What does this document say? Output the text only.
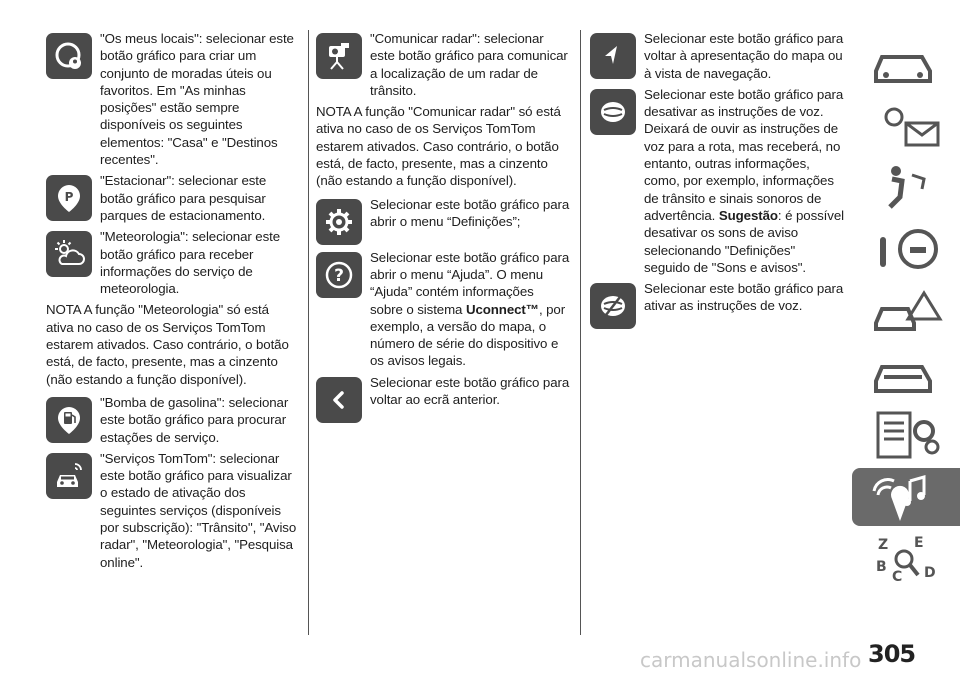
"Os meus locais": selecionar este botão gráfico para criar um conjunto de moradas úteis ou favoritos. Em "As minhas posições" estão sempre disponíveis os seguintes elementos: "Casa" e "Destinos recentes".
P
"Estacionar": selecionar este botão gráfico para pesquisar parques de estacionamento.
"Meteorologia": selecionar este botão gráfico para receber informações do serviço de meteorologia.
NOTA A função "Meteorologia" só está ativa no caso de os Serviços TomTom estarem ativados. Caso contrário, o botão está, de facto, presente, mas a cinzento (não estando a função disponível).
"Bomba de gasolina": selecionar este botão gráfico para procurar estações de serviço.
"Serviços TomTom": selecionar este botão gráfico para visualizar o estado de ativação dos seguintes serviços (disponíveis por subscrição): "Trânsito", "Aviso radar", "Meteorologia", "Pesquisa online".
"Comunicar radar": selecionar este botão gráfico para comunicar a localização de um radar de trânsito.
NOTA A função "Comunicar radar" só está ativa no caso de os Serviços TomTom estarem ativados. Caso contrário, o botão está, de facto, presente, mas a cinzento (não estando a função disponível).
Selecionar este botão gráfico para abrir o menu “Definições”;
?
Selecionar este botão gráfico para abrir o menu “Ajuda”. O menu “Ajuda” contém informações sobre o sistema Uconnect™, por exemplo, a versão do mapa, o número de série do dispositivo e os avisos legais.
Selecionar este botão gráfico para voltar ao ecrã anterior.
Selecionar este botão gráfico para voltar à apresentação do mapa ou à vista de navegação.
Selecionar este botão gráfico para desativar as instruções de voz. Deixará de ouvir as instruções de voz para a rota, mas receberá, no entanto, outras informações, como, por exemplo, informações de trânsito e sinais sonoros de advertência. Sugestão: é possível desativar os sons de aviso selecionando "Definições" seguido de "Sons e avisos".
Selecionar este botão gráfico para ativar as instruções de voz.
Z E
B
C D
305
carmanualsonline.info
